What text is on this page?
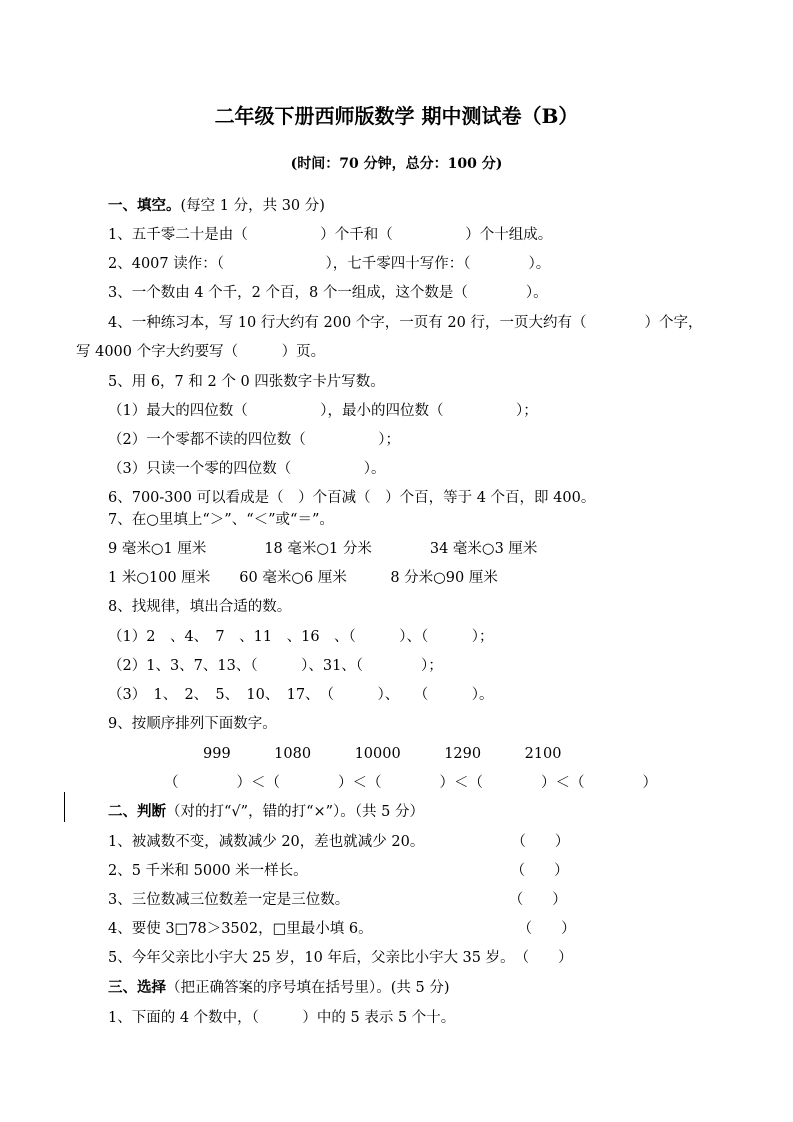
二年级下册西师版数学 期中测试卷（B）
(时间：70 分钟，总分：100 分)
一、填空。(每空 1 分，共 30 分)
1、五千零二十是由（　　　　　）个千和（　　　　　）个十组成。
2、4007 读作：（　　　　　　　），七千零四十写作：（　　　　）。
3、一个数由 4 个千，2 个百，8 个一组成，这个数是（　　　　）。
4、一种练习本，写 10 行大约有 200 个字，一页有 20 行，一页大约有（　　　　）个字，
写 4000 个字大约要写（　　　）页。
5、用 6，7 和 2 个 0 四张数字卡片写数。
（1）最大的四位数（　　　　　），最小的四位数（　　　　　）；
（2）一个零都不读的四位数（　　　　　）；
（3）只读一个零的四位数（　　　　　）。
6、700-300 可以看成是（　）个百减（　）个百，等于 4 个百，即 400。
7、在○里填上“＞”、“＜”或“＝”。
9 毫米○1 厘米　　　　18 毫米○1 分米　　　　34 毫米○3 厘米
1 米○100 厘米　　60 毫米○6 厘米　　　8 分米○90 厘米
8、找规律，填出合适的数。
（1）2　、4、　7　、11　、16　、（　　　）、（　　　）；
（2）1、3、7、13、（　　　）、31、（　　　　）；
（3）　1、　2、　5、　10、　17、　（　　　）、　　（　　　）。
9、按顺序排列下面数字。
999　　　1080　　　10000　　　1290　　　2100
（　　　　）＜（　　　　）＜（　　　　）＜（　　　　）＜（　　　　）
二、判断（对的打“√”，错的打“×”）。（共 5 分）
1、被减数不变，减数减少 20，差也就减少 20。　　　　　　　（　　）
2、5 千米和 5000 米一样长。　　　　　　　　　　　　　　　（　　）
3、三位数减三位数差一定是三位数。　　　　　　　　　　　　（　　）
4、要使 3□78＞3502，□里最小填 6。　　　　　　　　　　　（　　）
5、今年父亲比小宇大 25 岁，10 年后，父亲比小宇大 35 岁。　（　　）
三、选择（把正确答案的序号填在括号里）。(共 5 分)
1、下面的 4 个数中，（　　　）中的 5 表示 5 个十。
